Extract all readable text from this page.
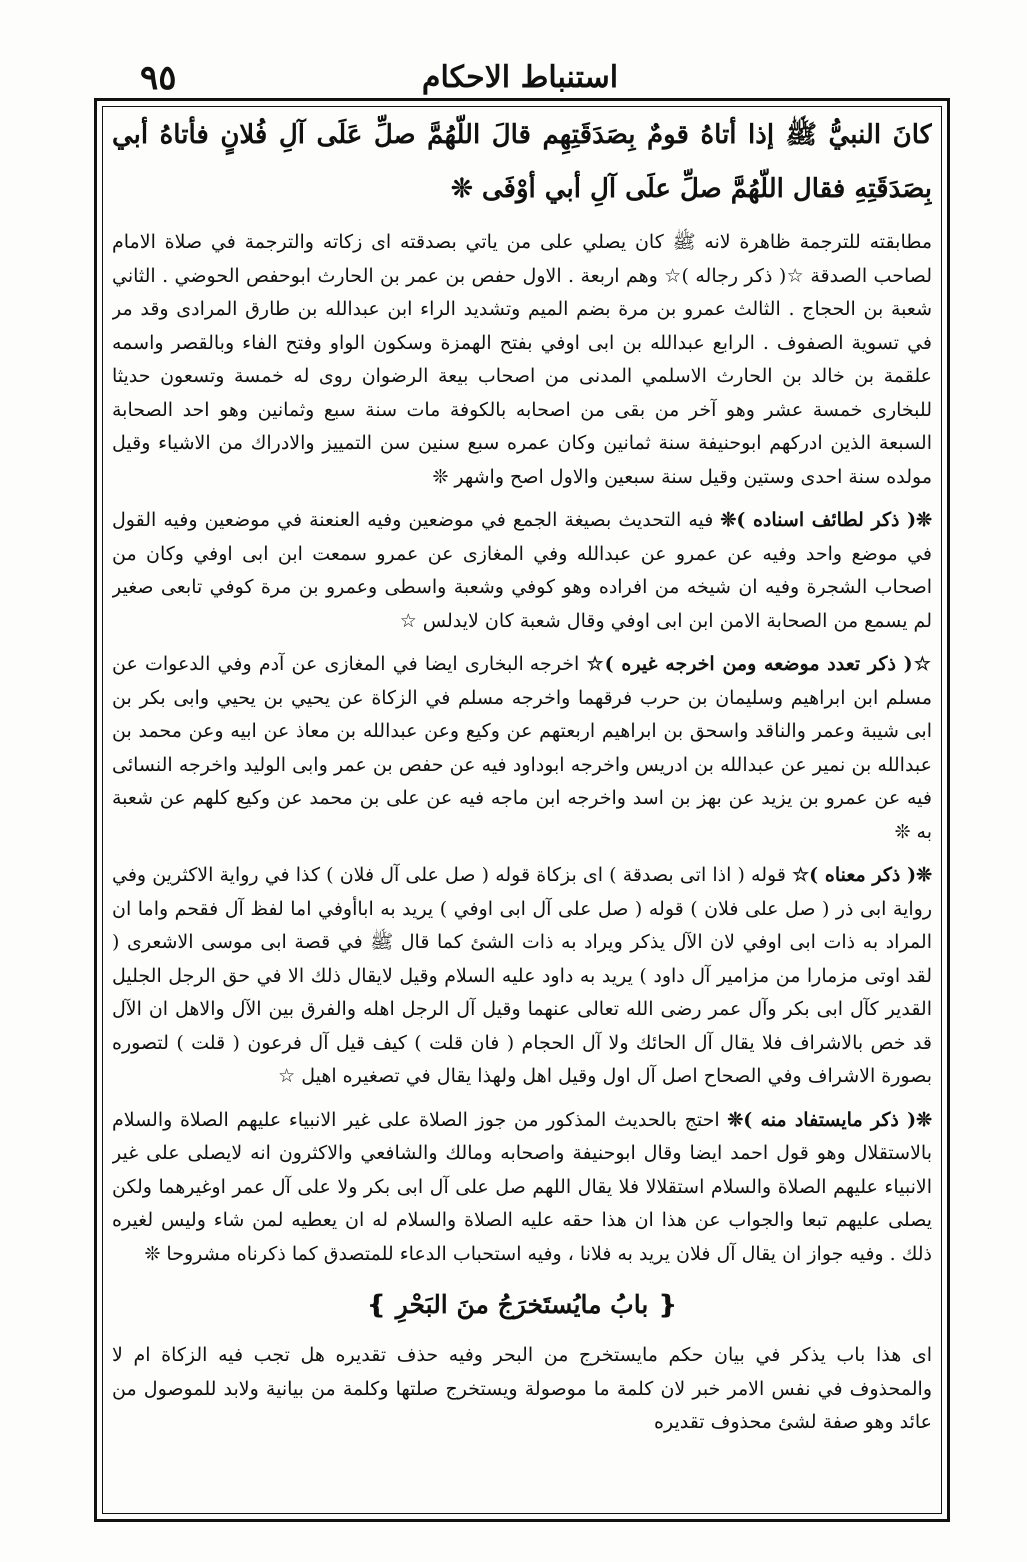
استنباط الاحكام
٩٥

كانَ النبيُّ ﷺ إذا أتاهُ قومٌ بِصَدَقَتِهِم قالَ اللّهُمَّ صلِّ عَلَى آلِ فُلانٍ فأتاهُ أبي بِصَدَقَتِهِ فقال اللّهُمَّ صلِّ علَى آلِ أبي أوْفَى ❊

مطابقته للترجمة ظاهرة لانه ﷺ كان يصلي على من ياتي بصدقته اى زكاته والترجمة في صلاة الامام لصاحب الصدقة ☆( ذكر رجاله )☆ وهم اربعة . الاول حفص بن عمر بن الحارث ابوحفص الحوضي . الثاني شعبة بن الحجاج . الثالث عمرو بن مرة بضم الميم وتشديد الراء ابن عبدالله بن طارق المرادى وقد مر في تسوية الصفوف . الرابع عبدالله بن ابى اوفي بفتح الهمزة وسكون الواو وفتح الفاء وبالقصر واسمه علقمة بن خالد بن الحارث الاسلمي المدنى من اصحاب بيعة الرضوان روى له خمسة وتسعون حديثا للبخارى خمسة عشر وهو آخر من بقى من اصحابه بالكوفة مات سنة سبع وثمانين وهو احد الصحابة السبعة الذين ادركهم ابوحنيفة سنة ثمانين وكان عمره سبع سنين سن التمييز والادراك من الاشياء وقيل مولده سنة احدى وستين وقيل سنة سبعين والاول اصح واشهر ❊

❊( ذكر لطائف اسناده )❊ فيه التحديث بصيغة الجمع في موضعين وفيه العنعنة في موضعين وفيه القول في موضع واحد وفيه عن عمرو عن عبدالله وفي المغازى عن عمرو سمعت ابن ابى اوفي وكان من اصحاب الشجرة وفيه ان شيخه من افراده وهو كوفي وشعبة واسطى وعمرو بن مرة كوفي تابعى صغير لم يسمع من الصحابة الامن ابن ابى اوفي وقال شعبة كان لايدلس ☆

☆( ذكر تعدد موضعه ومن اخرجه غيره )☆ اخرجه البخارى ايضا في المغازى عن آدم وفي الدعوات عن مسلم ابن ابراهيم وسليمان بن حرب فرقهما واخرجه مسلم في الزكاة عن يحيي بن يحيي وابى بكر بن ابى شيبة وعمر والناقد واسحق بن ابراهيم اربعتهم عن وكيع وعن عبدالله بن معاذ عن ابيه وعن محمد بن عبدالله بن نمير عن عبدالله بن ادريس واخرجه ابوداود فيه عن حفص بن عمر وابى الوليد واخرجه النسائى فيه عن عمرو بن يزيد عن بهز بن اسد واخرجه ابن ماجه فيه عن على بن محمد عن وكيع كلهم عن شعبة به ❊

❊( ذكر معناه )☆ قوله ( اذا اتى بصدقة ) اى بزكاة قوله ( صل على آل فلان ) كذا في رواية الاكثرين وفي رواية ابى ذر ( صل على فلان ) قوله ( صل على آل ابى اوفي ) يريد به اباأوفي اما لفظ آل فقحم واما ان المراد به ذات ابى اوفي لان الآل يذكر ويراد به ذات الشئ كما قال ﷺ في قصة ابى موسى الاشعرى ( لقد اوتى مزمارا من مزامير آل داود ) يريد به داود عليه السلام وقيل لايقال ذلك الا في حق الرجل الجليل القدير كآل ابى بكر وآل عمر رضى الله تعالى عنهما وقيل آل الرجل اهله والفرق بين الآل والاهل ان الآل قد خص بالاشراف فلا يقال آل الحائك ولا آل الحجام ( فان قلت ) كيف قيل آل فرعون ( قلت ) لتصوره بصورة الاشراف وفي الصحاح اصل آل اول وقيل اهل ولهذا يقال في تصغيره اهيل ☆

❊( ذكر مايستفاد منه )❊ احتج بالحديث المذكور من جوز الصلاة على غير الانبياء عليهم الصلاة والسلام بالاستقلال وهو قول احمد ايضا وقال ابوحنيفة واصحابه ومالك والشافعي والاكثرون انه لايصلى على غير الانبياء عليهم الصلاة والسلام استقلالا فلا يقال اللهم صل على آل ابى بكر ولا على آل عمر اوغيرهما ولكن يصلى عليهم تبعا والجواب عن هذا ان هذا حقه عليه الصلاة والسلام له ان يعطيه لمن شاء وليس لغيره ذلك . وفيه جواز ان يقال آل فلان يريد به فلانا ، وفيه استحباب الدعاء للمتصدق كما ذكرناه مشروحا ❊

❴ بابُ مايُستَخرَجُ منَ البَحْرِ ❵

اى هذا باب يذكر في بيان حكم مايستخرج من البحر وفيه حذف تقديره هل تجب فيه الزكاة ام لا والمحذوف في نفس الامر خبر لان كلمة ما موصولة ويستخرج صلتها وكلمة من بيانية ولابد للموصول من عائد وهو صفة لشئ محذوف تقديره
